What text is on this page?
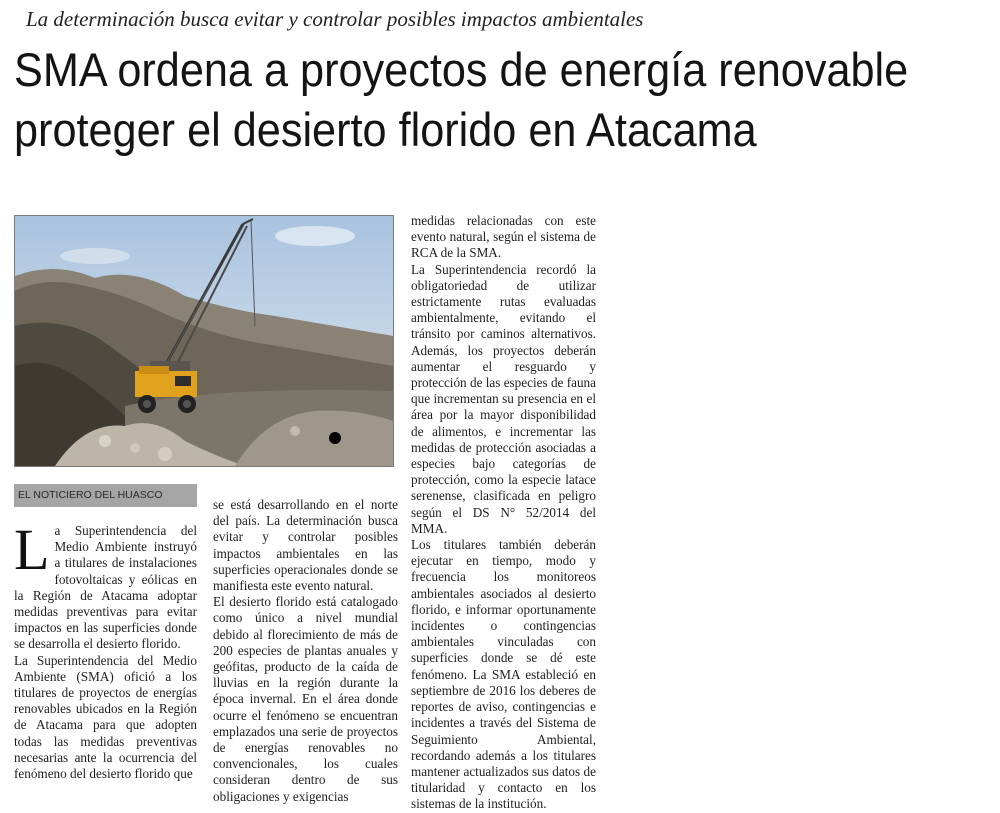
La determinación busca evitar y controlar posibles impactos ambientales
SMA ordena a proyectos de energía renovable
proteger el desierto florido en Atacama
EL NOTICIERO DEL HUASCO

La Superintendencia del Medio Ambiente instruyó a titulares de instalaciones fotovoltaicas y eólicas en la Región de Atacama adoptar medidas preventivas para evitar impactos en las superficies donde se desarrolla el desierto florido.

La Superintendencia del Medio Ambiente (SMA) ofició a los titulares de proyectos de energías renovables ubicados en la Región de Atacama para que adopten todas las medidas preventivas necesarias ante la ocurrencia del fenómeno del desierto florido que

se está desarrollando en el norte del país. La determinación busca evitar y controlar posibles impactos ambientales en las superficies operacionales donde se manifiesta este evento natural.

El desierto florido está catalogado como único a nivel mundial debido al florecimiento de más de 200 especies de plantas anuales y geófitas, producto de la caída de lluvias en la región durante la época invernal. En el área donde ocurre el fenómeno se encuentran emplazados una serie de proyectos de energías renovables no convencionales, los cuales consideran dentro de sus obligaciones y exigencias

medidas relacionadas con este evento natural, según el sistema de RCA de la SMA.

La Superintendencia recordó la obligatoriedad de utilizar estrictamente rutas evaluadas ambientalmente, evitando el tránsito por caminos alternativos. Además, los proyectos deberán aumentar el resguardo y protección de las especies de fauna que incrementan su presencia en el área por la mayor disponibilidad de alimentos, e incrementar las medidas de protección asociadas a especies bajo categorías de protección, como la especie latace serenense, clasificada en peligro según el DS N° 52/2014 del MMA.

Los titulares también deberán ejecutar en tiempo, modo y frecuencia los monitoreos ambientales asociados al desierto florido, e informar oportunamente incidentes o contingencias ambientales vinculadas con superficies donde se dé este fenómeno. La SMA estableció en septiembre de 2016 los deberes de reportes de aviso, contingencias e incidentes a través del Sistema de Seguimiento Ambiental, recordando además a los titulares mantener actualizados sus datos de titularidad y contacto en los sistemas de la institución.
